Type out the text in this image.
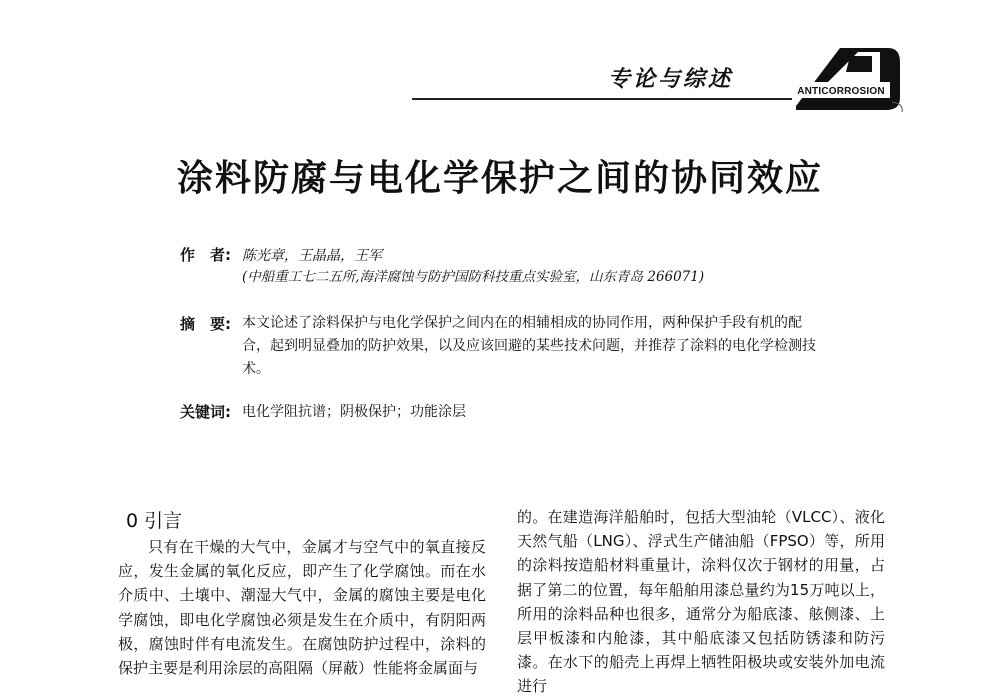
专论与综述	ANTICORROSION
涂料防腐与电化学保护之间的协同效应
作　者: 陈光章，王晶晶，王军
(中船重工七二五所,海洋腐蚀与防护国防科技重点实验室，山东青岛 266071)
摘　要: 本文论述了涂料保护与电化学保护之间内在的相辅相成的协同作用，两种保护手段有机的配合，起到明显叠加的防护效果，以及应该回避的某些技术问题，并推荐了涂料的电化学检测技术。
关键词: 电化学阻抗谱；阴极保护；功能涂层
0 引言
只有在干燥的大气中，金属才与空气中的氧直接反应，发生金属的氧化反应，即产生了化学腐蚀。而在水介质中、土壤中、潮湿大气中，金属的腐蚀主要是电化学腐蚀，即电化学腐蚀必须是发生在介质中，有阴阳两极，腐蚀时伴有电流发生。在腐蚀防护过程中，涂料的保护主要是利用涂层的高阻隔（屏蔽）性能将金属面与
的。在建造海洋船舶时，包括大型油轮（VLCC）、液化天然气船（LNG）、浮式生产储油船（FPSO）等，所用的涂料按造船材料重量计，涂料仅次于钢材的用量，占据了第二的位置，每年船舶用漆总量约为15万吨以上，所用的涂料品种也很多，通常分为船底漆、舷侧漆、上层甲板漆和内舱漆，其中船底漆又包括防锈漆和防污漆。在水下的船壳上再焊上牺牲阳极块或安装外加电流进行
